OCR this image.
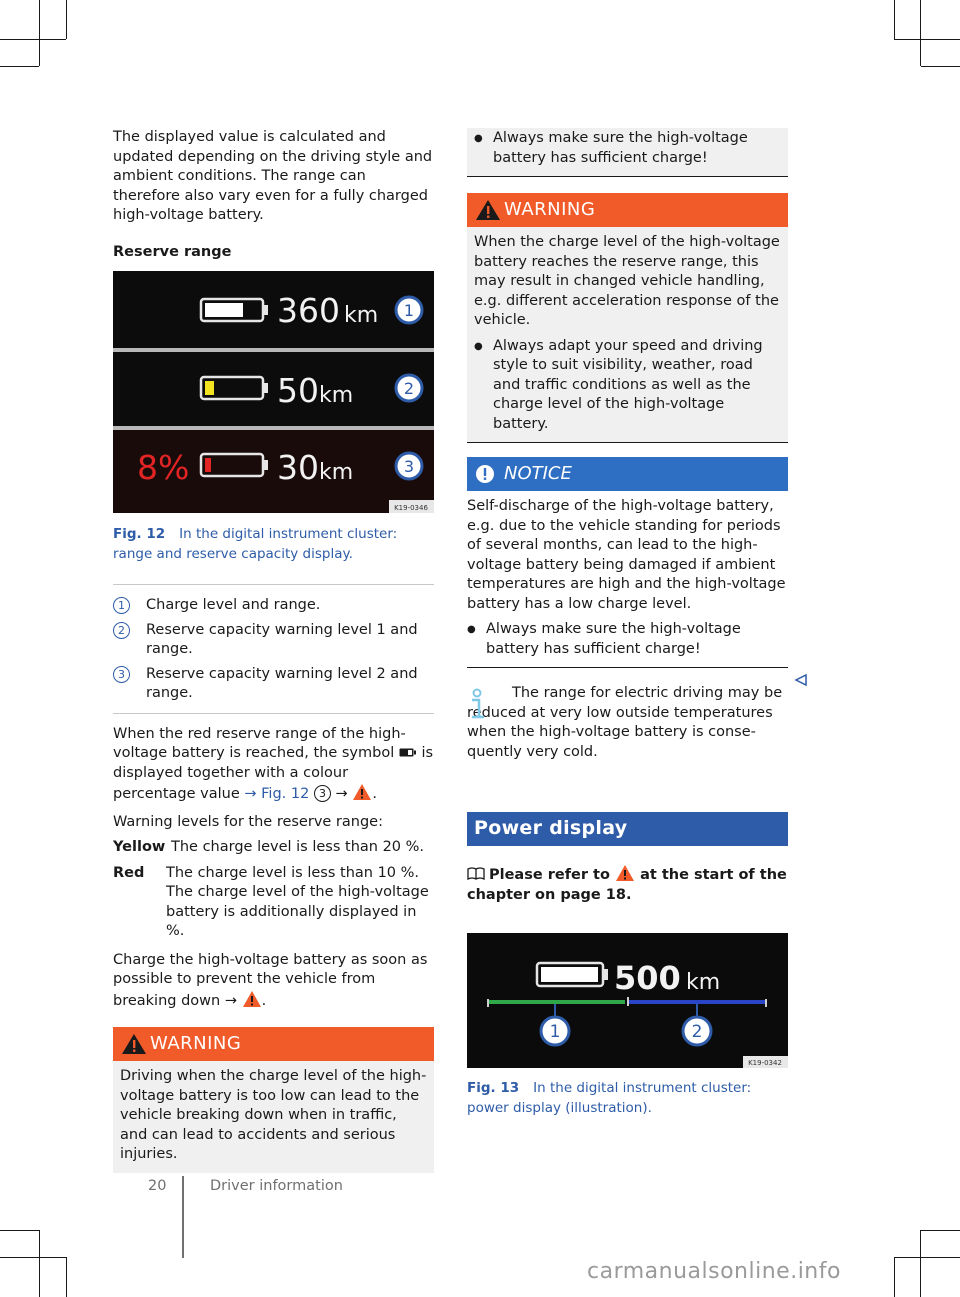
The displayed value is calculated and updated depending on the driving style and ambient conditions. The range can therefore also vary even for a fully charged high-voltage battery.

Reserve range

360 km 1
50 km	2
8%	30 km	3
K19-0346

Fig. 12 In the digital instrument cluster: range and reserve capacity display.

1	Charge level and range.
2	Reserve capacity warning level 1 and range.
3	Reserve capacity warning level 2 and range.

When the red reserve range of the high-voltage battery is reached, the symbol is displayed together with a colour percentage value → Fig. 12 3 → .

Warning levels for the reserve range:

Yellow The charge level is less than 20 %.
Red	The charge level is less than 10 %. The charge level of the high-voltage battery is additionally displayed in %.

Charge the high-voltage battery as soon as possible to prevent the vehicle from breaking down → .

WARNING

Driving when the charge level of the high-voltage battery is too low can lead to the vehicle breaking down when in traffic, and can lead to accidents and serious injuries.

● Always make sure the high-voltage battery has sufficient charge!
WARNING

When the charge level of the high-voltage battery reaches the reserve range, this may result in changed vehicle handling, e.g. different acceleration response of the vehicle.

● Always adapt your speed and driving style to suit visibility, weather, road and traffic conditions as well as the charge level of the high-voltage battery.
NOTICE

Self-discharge of the high-voltage battery, e.g. due to the vehicle standing for periods of several months, can lead to the high-voltage battery being damaged if ambient temperatures are high and the high-voltage battery has a low charge level.

● Always make sure the high-voltage battery has sufficient charge!

The range for electric driving may be reduced at very low outside temperatures when the high-voltage battery is consequently very cold.

Power display

Please refer to at the start of the chapter on page 18.

500 km
1	2
K19-0342

Fig. 13 In the digital instrument cluster: power display (illustration).

20	Driver information
carmanualsonline.info
